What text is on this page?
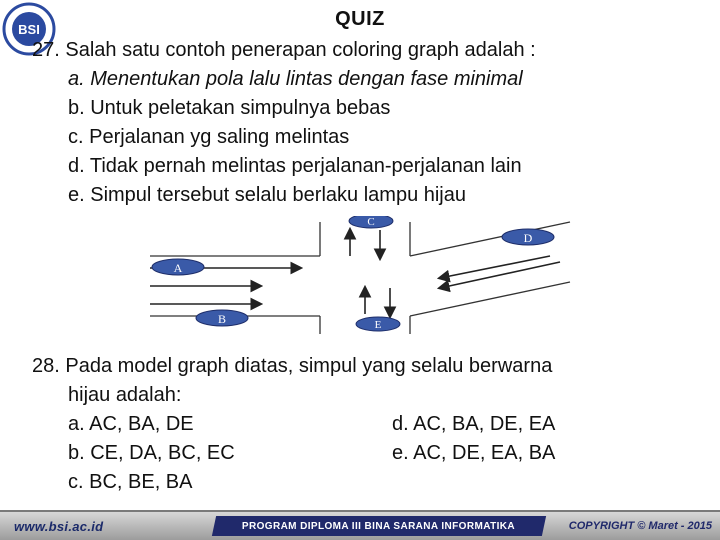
BSI	QUIZ
27. Salah satu contoh penerapan coloring graph adalah :
a. Menentukan pola lalu lintas dengan fase minimal
b. Untuk peletakan simpulnya bebas
c. Perjalanan yg saling melintas
d. Tidak pernah melintas perjalanan-perjalanan lain
e. Simpul tersebut selalu berlaku lampu hijau
A
B
C
D
E
28. Pada model graph diatas, simpul yang selalu berwarna
hijau adalah:
a. AC, BA, DE	d. AC, BA, DE, EA
b. CE, DA, BC, EC	e. AC, DE, EA, BA
c. BC, BE, BA
www.bsi.ac.id	PROGRAM DIPLOMA III BINA SARANA INFORMATIKA	COPYRIGHT © Maret - 2015
